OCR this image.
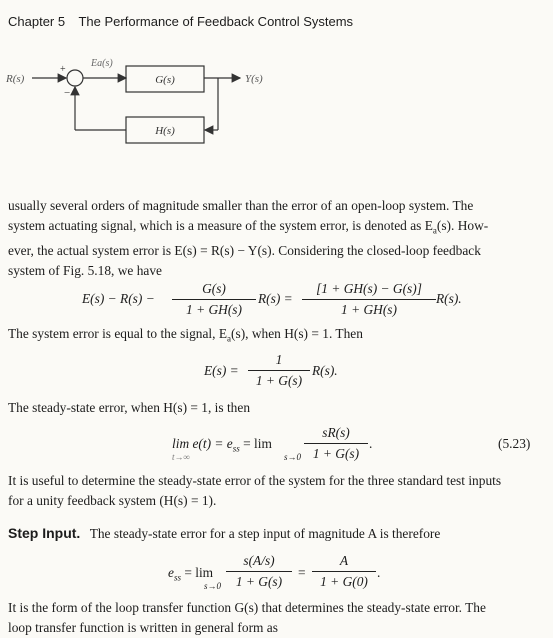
Chapter 5 The Performance of Feedback Control Systems
R(s)
+
−
Ea(s)
G(s)	Y(s)
H(s)
usually several orders of magnitude smaller than the error of an open-loop system. The
system actuating signal, which is a measure of the system error, is denoted as $E_a(s)$. How-
ever, the actual system error is E(s) = R(s) − Y(s). Considering the closed-loop feedback
system of Fig. 5.18, we have
E(s) − R(s) −
G(s)
1 + GH(s)
R(s) =
[1 + GH(s) − G(s)]
1 + GH(s)
R(s).
The system error is equal to the signal, $E_a(s)$, when H(s) = 1. Then
E(s) =
1
1 + G(s)
R(s).
The steady-state error, when H(s) = 1, is then
$\lim e(t) = e_{ss} = \lim$
t→∞	s→0
sR(s)
1 + G(s)
.	(5.23)
It is useful to determine the steady-state error of the system for the three standard test inputs
for a unity feedback system (H(s) = 1).
Step Input. The steady-state error for a step input of magnitude A is therefore
$e_{ss} = \lim$
s→0
s(A/s)
1 + G(s)
=
A
1 + G(0)
.
It is the form of the loop transfer function G(s) that determines the steady-state error. The
loop transfer function is written in general form as
